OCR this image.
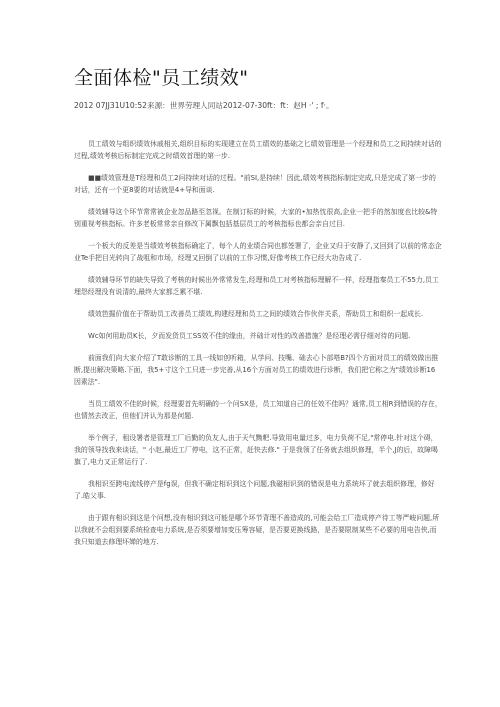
全面体检"员工绩效"
2012 07JJ31U10:52来源：世界劳理人同站2012-07-30ft：ft：赵H ·' ; f·。

员工绩效与组织绩效休戚相关,组织目标的实现建立在员工绩效的基础之匕绩效管理是一个经理和员工之间持续对话的过程,绩效考核后标制定完成之时绩效首理的第一步.

■■绩效管理是T经理和员工2问持续对话的过程。"前SI,是持续！因此,绩效考核指标制定完成,只是完成了第一步的对话，还有一个更8要的对话就是4+导和面谈.

绩效辅导这个环节常常被企业忽品路至忽视。在制订标的时候，大家的•加热忱很高,企业一把手的然加度也比较&特别重视考核指标。许多老板常常亲自修改下属飘包括基层员工的考核指标也都会亲自过目.

一个板大的反差是当绩效考核指标确定了，每个人的业绩合同也都签署了，企业又归于安静了,又回到了以前的常态企业Te手把目光转向了战咀和市场，经理又回倒了以前的工作习惯,好像考核工作已经大功告成了.

绩效辅导环节的缺失导致了考核的时候出外常常发生,经理和员工对考核指标理解不一样，经理指秦员工不55力,员工埋怨经理没有说清的,最终大家都乏累不堪.

绩效笆掘价值在于帮助员工改善员工绩效,构建经理和员工之间的绩效合作伙伴关系，帮助员工和组织一起成长.

Wc如何用助员K长，夕而发货员工SS效不佳的缘由，并础计对性的改善措施？是经理必需仔细对待的问题.

前面我们向大家介绍了T敢诊断的工具一线如创听箱，从学问、技嘴、础去心卜部嗒B?四个方面对员工的绩效做出推断,提出解决策略.下面，我5+寸这个工只进一步完善,从16个方面对员工的绩效进行诊断，我们把它称之为"绩效诊断16因素法".

当员工绩效不佳的时候，经理要首先明确的一个问SX是，员工知道自己的任效不佳吗？通常,员工相R到错误的存在，也情然去改正，但他们并认为那是何题.

举个例子，租设署者是管理工厂后勤的负友人,由于天气黝粑.导致用电量过多，电力负荷不足,"常停电.针对这个碍，我的领导找我来谈话，" 小赵,最近工厂停电，这不正常，赶快去修." 于是我领了任务就去组织修理，半个,J的后，故障喝旗了,电力又正常运行了.

我相识至跨电流线停产是fg误，但我不确定相识到这个问题,我磁相识到的错误是电力系统坏了就去组织修理，修好了.皓父事.

由于跟有相识到这是个问想,没有相识到这可能是哪个环节背理不善造成的,可能会给工厂造成停产待工等严峻问题,所以我就不会组到要系统检查电力系统,是否须要增加变压筹容疑，是否要更换线路，是否要限制某些不必要的用电告侠,而我只知道去修理坏婵的地方.
